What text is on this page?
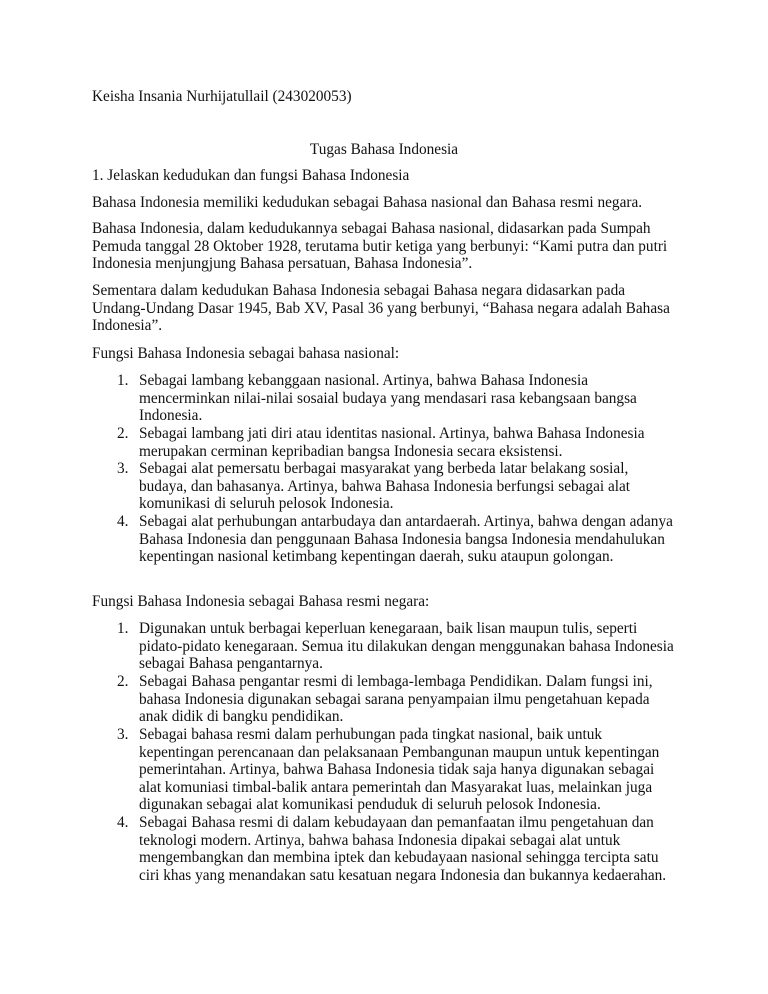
Keisha Insania Nurhijatullail (243020053)
Tugas Bahasa Indonesia
1. Jelaskan kedudukan dan fungsi Bahasa Indonesia
Bahasa Indonesia memiliki kedudukan sebagai Bahasa nasional dan Bahasa resmi negara.
Bahasa Indonesia, dalam kedudukannya sebagai Bahasa nasional, didasarkan pada Sumpah Pemuda tanggal 28 Oktober 1928, terutama butir ketiga yang berbunyi: “Kami putra dan putri Indonesia menjungjung Bahasa persatuan, Bahasa Indonesia”.
Sementara dalam kedudukan Bahasa Indonesia sebagai Bahasa negara didasarkan pada Undang-Undang Dasar 1945, Bab XV, Pasal 36 yang berbunyi, “Bahasa negara adalah Bahasa Indonesia”.
Fungsi Bahasa Indonesia sebagai bahasa nasional:
1. Sebagai lambang kebanggaan nasional. Artinya, bahwa Bahasa Indonesia mencerminkan nilai-nilai sosaial budaya yang mendasari rasa kebangsaan bangsa Indonesia.
2. Sebagai lambang jati diri atau identitas nasional. Artinya, bahwa Bahasa Indonesia merupakan cerminan kepribadian bangsa Indonesia secara eksistensi.
3. Sebagai alat pemersatu berbagai masyarakat yang berbeda latar belakang sosial, budaya, dan bahasanya. Artinya, bahwa Bahasa Indonesia berfungsi sebagai alat komunikasi di seluruh pelosok Indonesia.
4. Sebagai alat perhubungan antarbudaya dan antardaerah. Artinya, bahwa dengan adanya Bahasa Indonesia dan penggunaan Bahasa Indonesia bangsa Indonesia mendahulukan kepentingan nasional ketimbang kepentingan daerah, suku ataupun golongan.
Fungsi Bahasa Indonesia sebagai Bahasa resmi negara:
1. Digunakan untuk berbagai keperluan kenegaraan, baik lisan maupun tulis, seperti pidato-pidato kenegaraan. Semua itu dilakukan dengan menggunakan bahasa Indonesia sebagai Bahasa pengantarnya.
2. Sebagai Bahasa pengantar resmi di lembaga-lembaga Pendidikan. Dalam fungsi ini, bahasa Indonesia digunakan sebagai sarana penyampaian ilmu pengetahuan kepada anak didik di bangku pendidikan.
3. Sebagai bahasa resmi dalam perhubungan pada tingkat nasional, baik untuk kepentingan perencanaan dan pelaksanaan Pembangunan maupun untuk kepentingan pemerintahan. Artinya, bahwa Bahasa Indonesia tidak saja hanya digunakan sebagai alat komuniasi timbal-balik antara pemerintah dan Masyarakat luas, melainkan juga digunakan sebagai alat komunikasi penduduk di seluruh pelosok Indonesia.
4. Sebagai Bahasa resmi di dalam kebudayaan dan pemanfaatan ilmu pengetahuan dan teknologi modern. Artinya, bahwa bahasa Indonesia dipakai sebagai alat untuk mengembangkan dan membina iptek dan kebudayaan nasional sehingga tercipta satu ciri khas yang menandakan satu kesatuan negara Indonesia dan bukannya kedaerahan.
